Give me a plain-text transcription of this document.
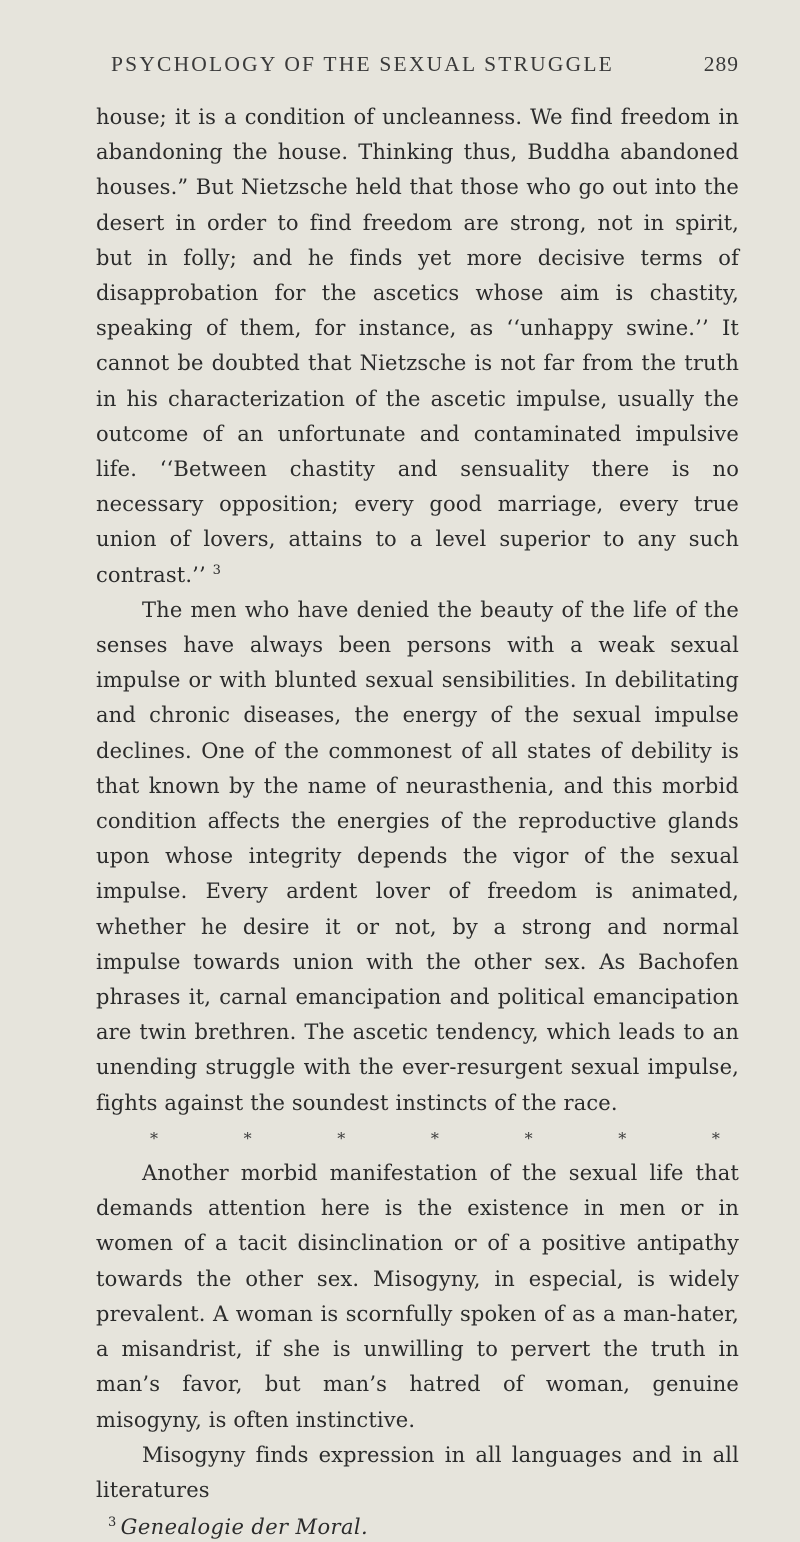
PSYCHOLOGY OF THE SEXUAL STRUGGLE	289

house; it is a condition of uncleanness. We find freedom in abandoning the house. Thinking thus, Buddha abandoned houses.” But Nietzsche held that those who go out into the desert in order to find freedom are strong, not in spirit, but in folly; and he finds yet more decisive terms of disapprobation for the ascetics whose aim is chastity, speaking of them, for instance, as ‘‘unhappy swine.’’ It cannot be doubted that Nietzsche is not far from the truth in his characterization of the ascetic impulse, usually the outcome of an unfortunate and contaminated impulsive life. ‘‘Between chastity and sensuality there is no necessary opposition; every good marriage, every true union of lovers, attains to a level superior to any such contrast.’’ $^3$

The men who have denied the beauty of the life of the senses have always been persons with a weak sexual impulse or with blunted sexual sensibilities. In debilitating and chronic diseases, the energy of the sexual impulse declines. One of the commonest of all states of debility is that known by the name of neurasthenia, and this morbid condition affects the energies of the reproductive glands upon whose integrity depends the vigor of the sexual impulse. Every ardent lover of freedom is animated, whether he desire it or not, by a strong and normal impulse towards union with the other sex. As Bachofen phrases it, carnal emancipation and political emancipation are twin brethren. The ascetic tendency, which leads to an unending struggle with the ever-resurgent sexual impulse, fights against the soundest instincts of the race.

*	*	*	*	*	*	*

Another morbid manifestation of the sexual life that demands attention here is the existence in men or in women of a tacit disinclination or of a positive antipathy towards the other sex. Misogyny, in especial, is widely prevalent. A woman is scornfully spoken of as a man-hater, a misandrist, if she is unwilling to pervert the truth in man’s favor, but man’s hatred of woman, genuine misogyny, is often instinctive.

Misogyny finds expression in all languages and in all literatures

$^3$ Genealogie der Moral.
